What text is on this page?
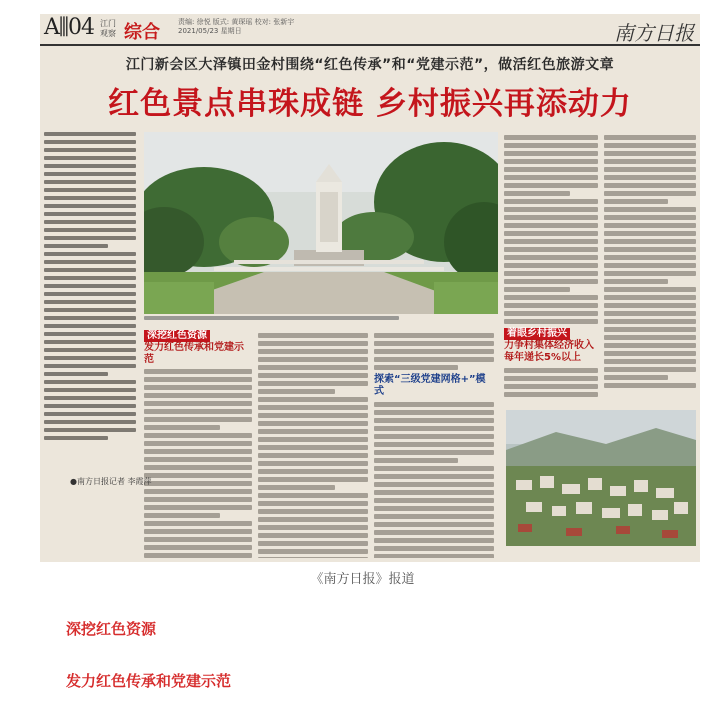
A⫼04 江门观察 综合	责编: 徐悦 版式: 黄琛瑶 校对: 张新宇
2021/05/23 星期日	南方日报
江门新会区大泽镇田金村围绕“红色传承”和“党建示范”，做活红色旅游文章
红色景点串珠成链 乡村振兴再添动力
深挖红色资源
发力红色传承和党建示范
探索“三级党建网格+”模式
着眼乡村振兴
力争村集体经济收入每年递长5%以上
●南方日报记者 李霞萍
《南方日报》报道
深挖红色资源
发力红色传承和党建示范
